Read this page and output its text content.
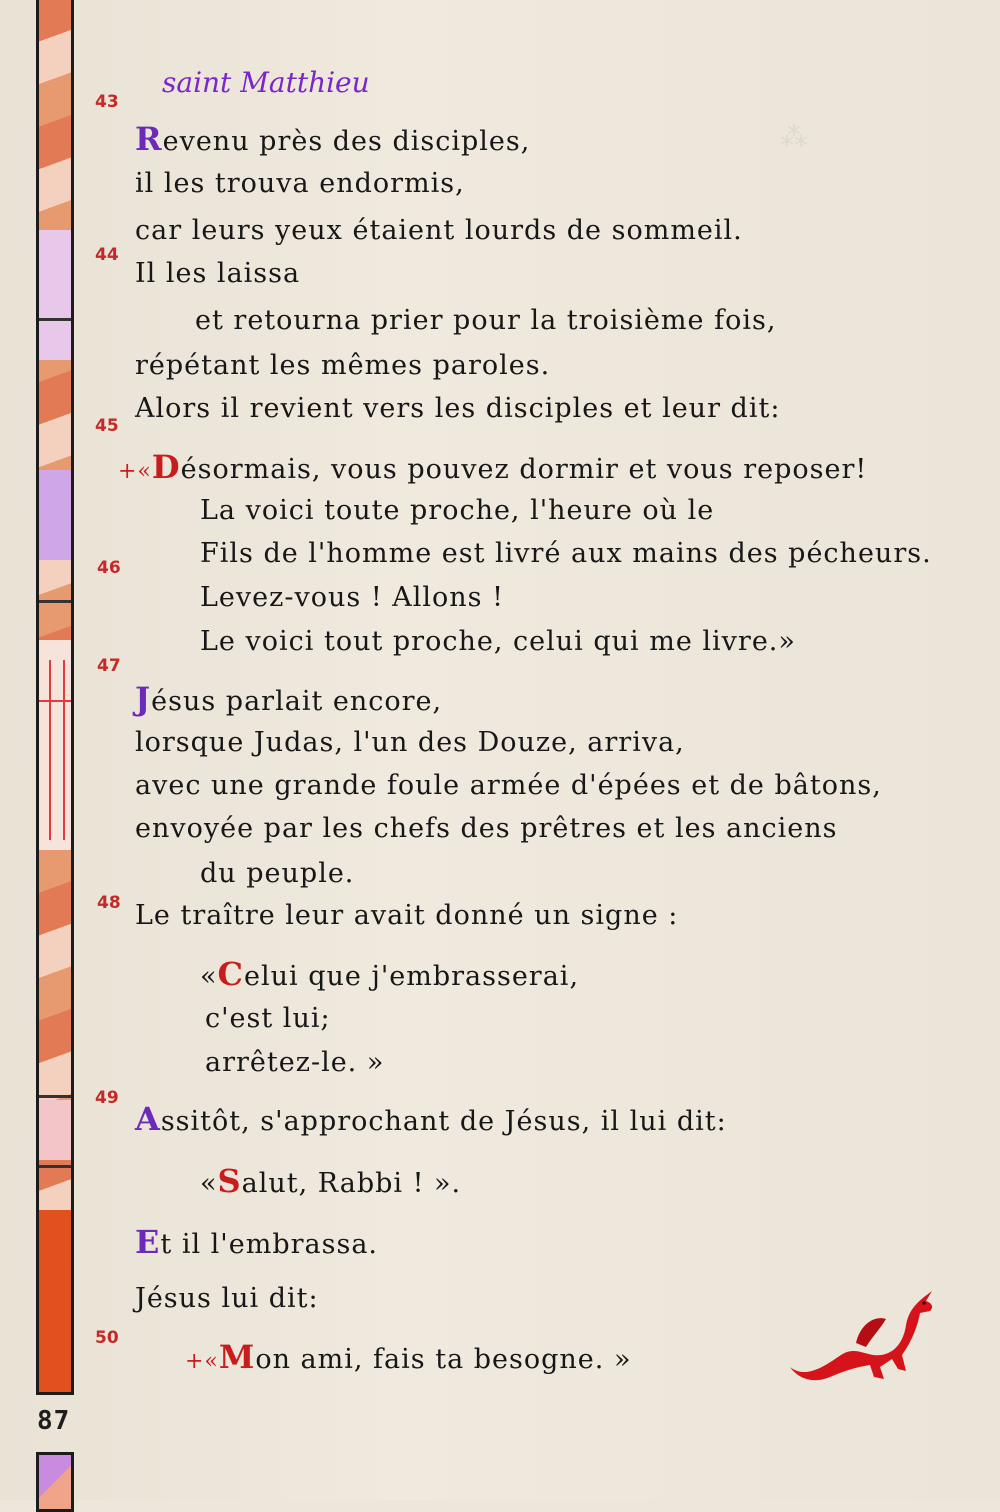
⁂
87
saint Matthieu
43
44
45
46
47
48
49
50
Revenu près des disciples,
il les trouva endormis,
car leurs yeux étaient lourds de sommeil.
Il les laissa
et retourna prier pour la troisième fois,
répétant les mêmes paroles.
Alors il revient vers les disciples et leur dit:
+«Désormais, vous pouvez dormir et vous reposer!
La voici toute proche, l'heure où le
Fils de l'homme est livré aux mains des pécheurs.
Levez-vous ! Allons !
Le voici tout proche, celui qui me livre.»
Jésus parlait encore,
lorsque Judas, l'un des Douze, arriva,
avec une grande foule armée d'épées et de bâtons,
envoyée par les chefs des prêtres et les anciens
du peuple.
Le traître leur avait donné un signe :
«Celui que j'embrasserai,
c'est lui;
arrêtez-le. »
Assitôt, s'approchant de Jésus, il lui dit:
«Salut, Rabbi ! ».
Et il l'embrassa.
Jésus lui dit:
+«Mon ami, fais ta besogne. »
